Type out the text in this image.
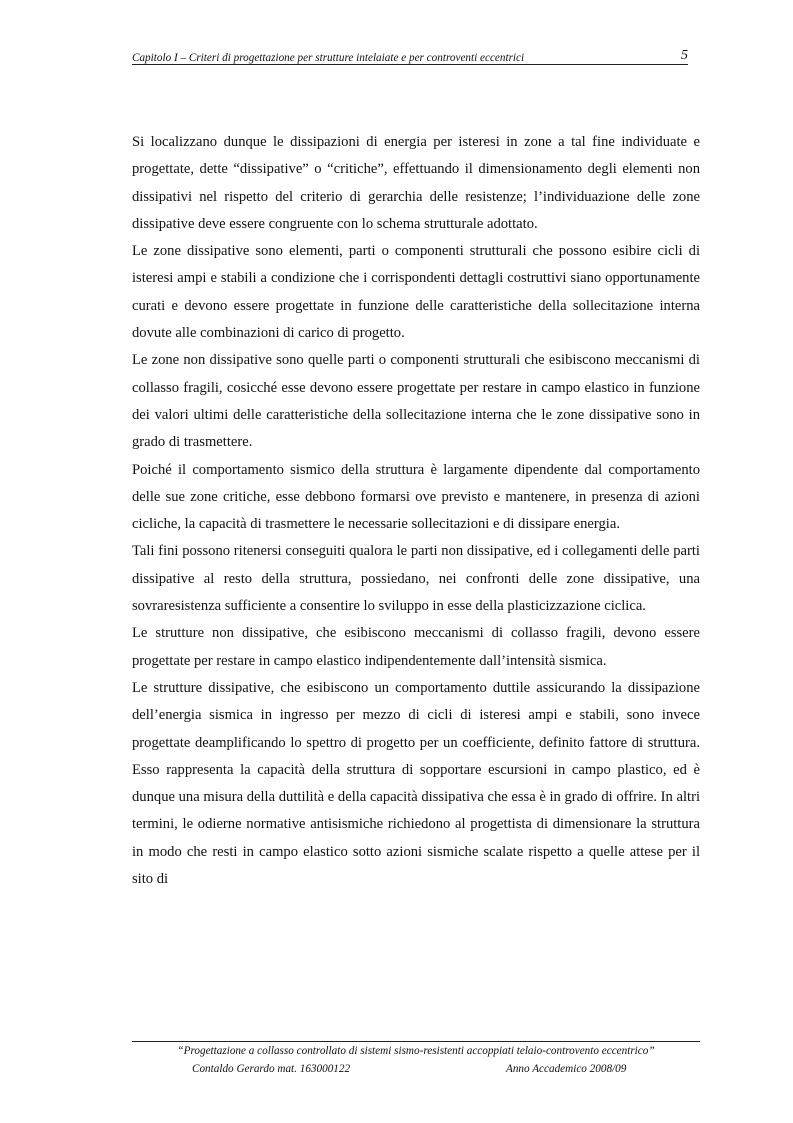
Capitolo I – Criteri di progettazione per strutture intelaiate e per controventi eccentrici	5

Si localizzano dunque le dissipazioni di energia per isteresi in zone a tal fine individuate e progettate, dette “dissipative” o “critiche”, effettuando il dimensionamento degli elementi non dissipativi nel rispetto del criterio di gerarchia delle resistenze; l’individuazione delle zone dissipative deve essere congruente con lo schema strutturale adottato.

Le zone dissipative sono elementi, parti o componenti strutturali che possono esibire cicli di isteresi ampi e stabili a condizione che i corrispondenti dettagli costruttivi siano opportunamente curati e devono essere progettate in funzione delle caratteristiche della sollecitazione interna dovute alle combinazioni di carico di progetto.

Le zone non dissipative sono quelle parti o componenti strutturali che esibiscono meccanismi di collasso fragili, cosicché esse devono essere progettate per restare in campo elastico in funzione dei valori ultimi delle caratteristiche della sollecitazione interna che le zone dissipative sono in grado di trasmettere.

Poiché il comportamento sismico della struttura è largamente dipendente dal comportamento delle sue zone critiche, esse debbono formarsi ove previsto e mantenere, in presenza di azioni cicliche, la capacità di trasmettere le necessarie sollecitazioni e di dissipare energia.

Tali fini possono ritenersi conseguiti qualora le parti non dissipative, ed i collegamenti delle parti dissipative al resto della struttura, possiedano, nei confronti delle zone dissipative, una sovraresistenza sufficiente a consentire lo sviluppo in esse della plasticizzazione ciclica.

Le strutture non dissipative, che esibiscono meccanismi di collasso fragili, devono essere progettate per restare in campo elastico indipendentemente dall’intensità sismica.

Le strutture dissipative, che esibiscono un comportamento duttile assicurando la dissipazione dell’energia sismica in ingresso per mezzo di cicli di isteresi ampi e stabili, sono invece progettate deamplificando lo spettro di progetto per un coefficiente, definito fattore di struttura. Esso rappresenta la capacità della struttura di sopportare escursioni in campo plastico, ed è dunque una misura della duttilità e della capacità dissipativa che essa è in grado di offrire. In altri termini, le odierne normative antisismiche richiedono al progettista di dimensionare la struttura in modo che resti in campo elastico sotto azioni sismiche scalate rispetto a quelle attese per il sito di

“Progettazione a collasso controllato di sistemi sismo-resistenti accoppiati telaio-controvento eccentrico”
Contaldo Gerardo mat. 163000122	Anno Accademico 2008/09
